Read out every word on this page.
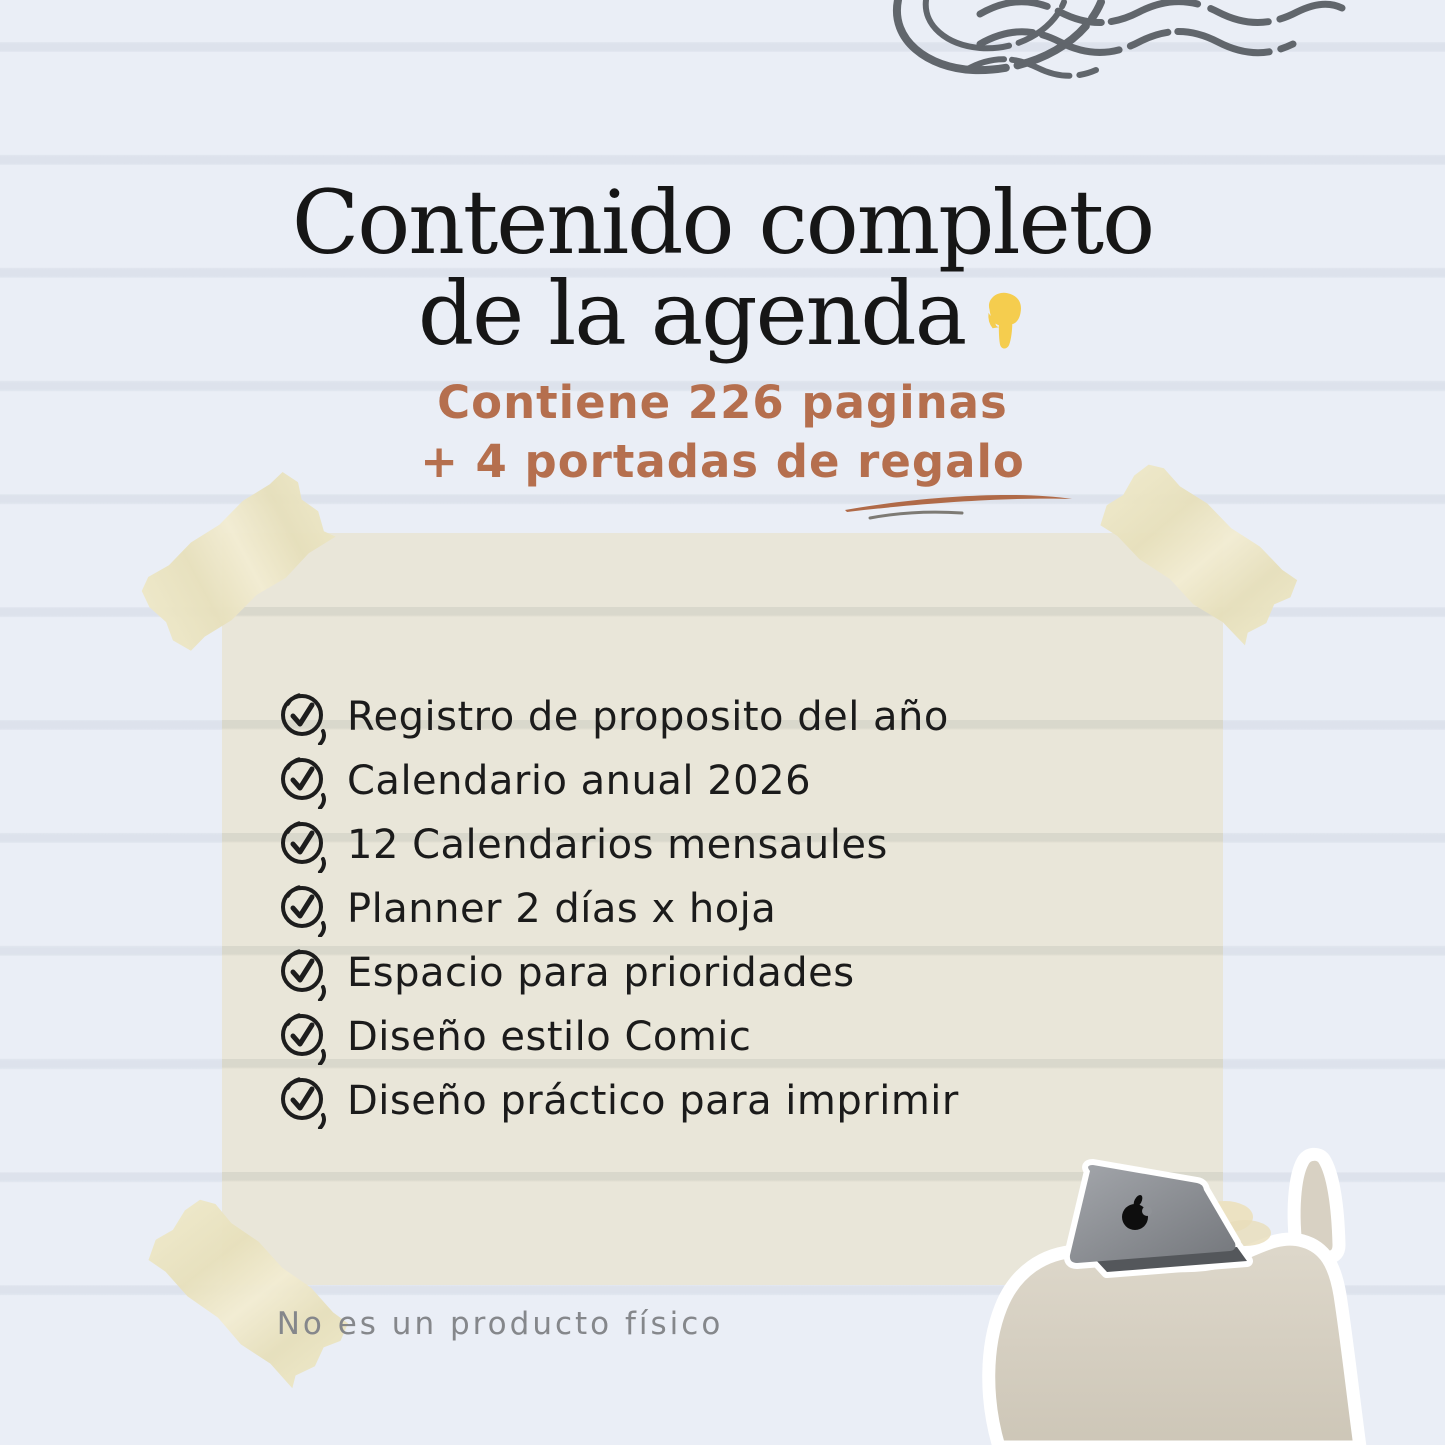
Contenido completo
de la agenda
Contiene 226 paginas
+ 4 portadas de regalo
Registro de proposito del año
Calendario anual 2026
12 Calendarios mensaules
Planner 2 días x hoja
Espacio para prioridades
Diseño estilo Comic
Diseño práctico para imprimir
No es un producto físico
